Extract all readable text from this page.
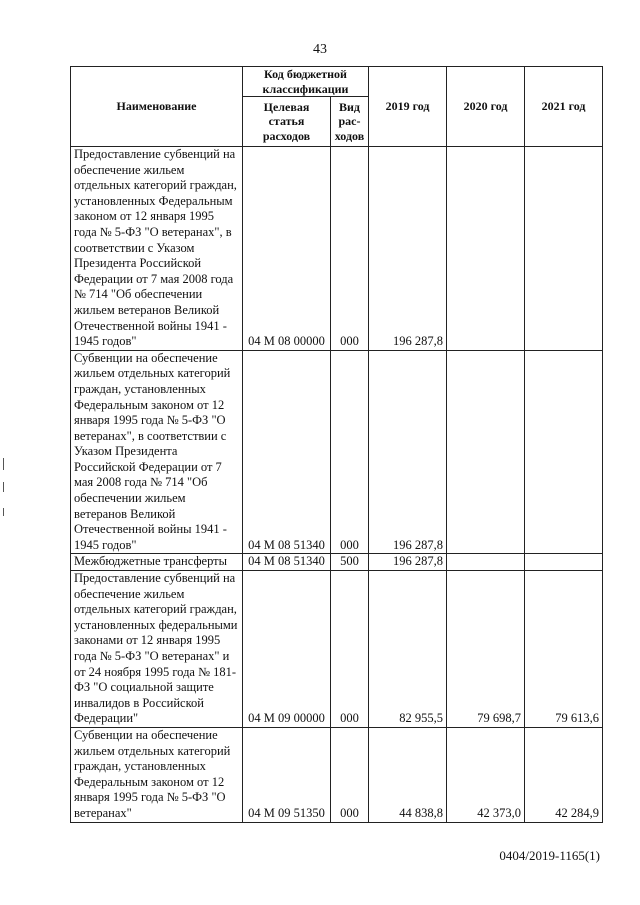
43
Наименование	Код бюджетной классификации		2019 год	2020 год	2021 год
	Целевая статья расходов	Вид рас- ходов			
Предоставление субвенций на обеспечение жильем отдельных категорий граждан, установленных Федеральным законом от 12 января 1995 года № 5-ФЗ "О ветеранах", в соответствии с Указом Президента Российской Федерации от 7 мая 2008 года № 714 "Об обеспечении жильем ветеранов Великой Отечественной войны 1941 - 1945 годов"	04 М 08 00000	000	196 287,8		
Субвенции на обеспечение жильем отдельных категорий граждан, установленных Федеральным законом от 12 января 1995 года № 5-ФЗ "О ветеранах", в соответствии с Указом Президента Российской Федерации от 7 мая 2008 года № 714 "Об обеспечении жильем ветеранов Великой Отечественной войны 1941 - 1945 годов"	04 М 08 51340	000	196 287,8		
Межбюджетные трансферты	04 М 08 51340	500	196 287,8		
Предоставление субвенций на обеспечение жильем отдельных категорий граждан, установленных федеральными законами от 12 января 1995 года № 5-ФЗ "О ветеранах" и от 24 ноября 1995 года № 181-ФЗ "О социальной защите инвалидов в Российской Федерации"	04 М 09 00000	000	82 955,5	79 698,7	79 613,6
Субвенции на обеспечение жильем отдельных категорий граждан, установленных Федеральным законом от 12 января 1995 года № 5-ФЗ "О ветеранах"	04 М 09 51350	000	44 838,8	42 373,0	42 284,9
0404/2019-1165(1)
